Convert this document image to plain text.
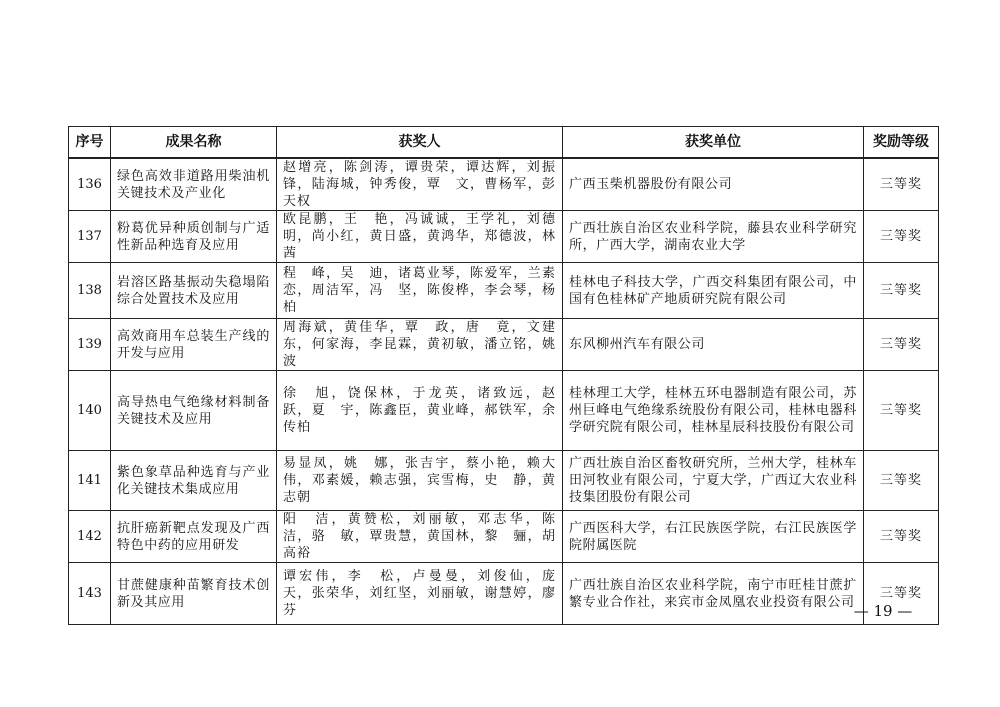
序号	成果名称	获奖人	获奖单位	奖励等级
136	绿色高效非道路用柴油机关键技术及产业化	赵增亮，陈剑涛，谭贵荣，谭达辉，刘振锋，陆海城，钟秀俊，覃　文，曹杨军，彭天权	广西玉柴机器股份有限公司	三等奖
137	粉葛优异种质创制与广适性新品种选育及应用	欧昆鹏，王　艳，冯诚诚，王学礼，刘德明，尚小红，黄日盛，黄鸿华，郑德波，林　茜	广西壮族自治区农业科学院，藤县农业科学研究所，广西大学，湖南农业大学	三等奖
138	岩溶区路基振动失稳塌陷综合处置技术及应用	程　峰，吴　迪，诸葛业琴，陈爱军，兰素恋，周洁军，冯　坚，陈俊桦，李会琴，杨柏	桂林电子科技大学，广西交科集团有限公司，中国有色桂林矿产地质研究院有限公司	三等奖
139	高效商用车总装生产线的开发与应用	周海斌，黄佳华，覃　政，唐　竟，文建东，何家海，李昆霖，黄初敏，潘立铭，姚　波	东风柳州汽车有限公司	三等奖
140	高导热电气绝缘材料制备关键技术及应用	徐　旭，饶保林，于龙英，诸致远，赵　跃，夏　宇，陈鑫臣，黄业峰，郝铁军，余传柏	桂林理工大学，桂林五环电器制造有限公司，苏州巨峰电气绝缘系统股份有限公司，桂林电器科学研究院有限公司，桂林星辰科技股份有限公司	三等奖
141	紫色象草品种选育与产业化关键技术集成应用	易显凤，姚　娜，张吉宇，蔡小艳，赖大伟，邓素媛，赖志强，宾雪梅，史　静，黄志朝	广西壮族自治区畜牧研究所，兰州大学，桂林车田河牧业有限公司，宁夏大学，广西辽大农业科技集团股份有限公司	三等奖
142	抗肝癌新靶点发现及广西特色中药的应用研发	阳　洁，黄赞松，刘丽敏，邓志华，陈　洁，骆　敏，覃贵慧，黄国林，黎　骊，胡高裕	广西医科大学，右江民族医学院，右江民族医学院附属医院	三等奖
143	甘蔗健康种苗繁育技术创新及其应用	谭宏伟，李　松，卢曼曼，刘俊仙，庞　天，张荣华，刘红坚，刘丽敏，谢慧婷，廖　芬	广西壮族自治区农业科学院，南宁市旺桂甘蔗扩繁专业合作社，来宾市金凤凰农业投资有限公司	三等奖
— 19 —
